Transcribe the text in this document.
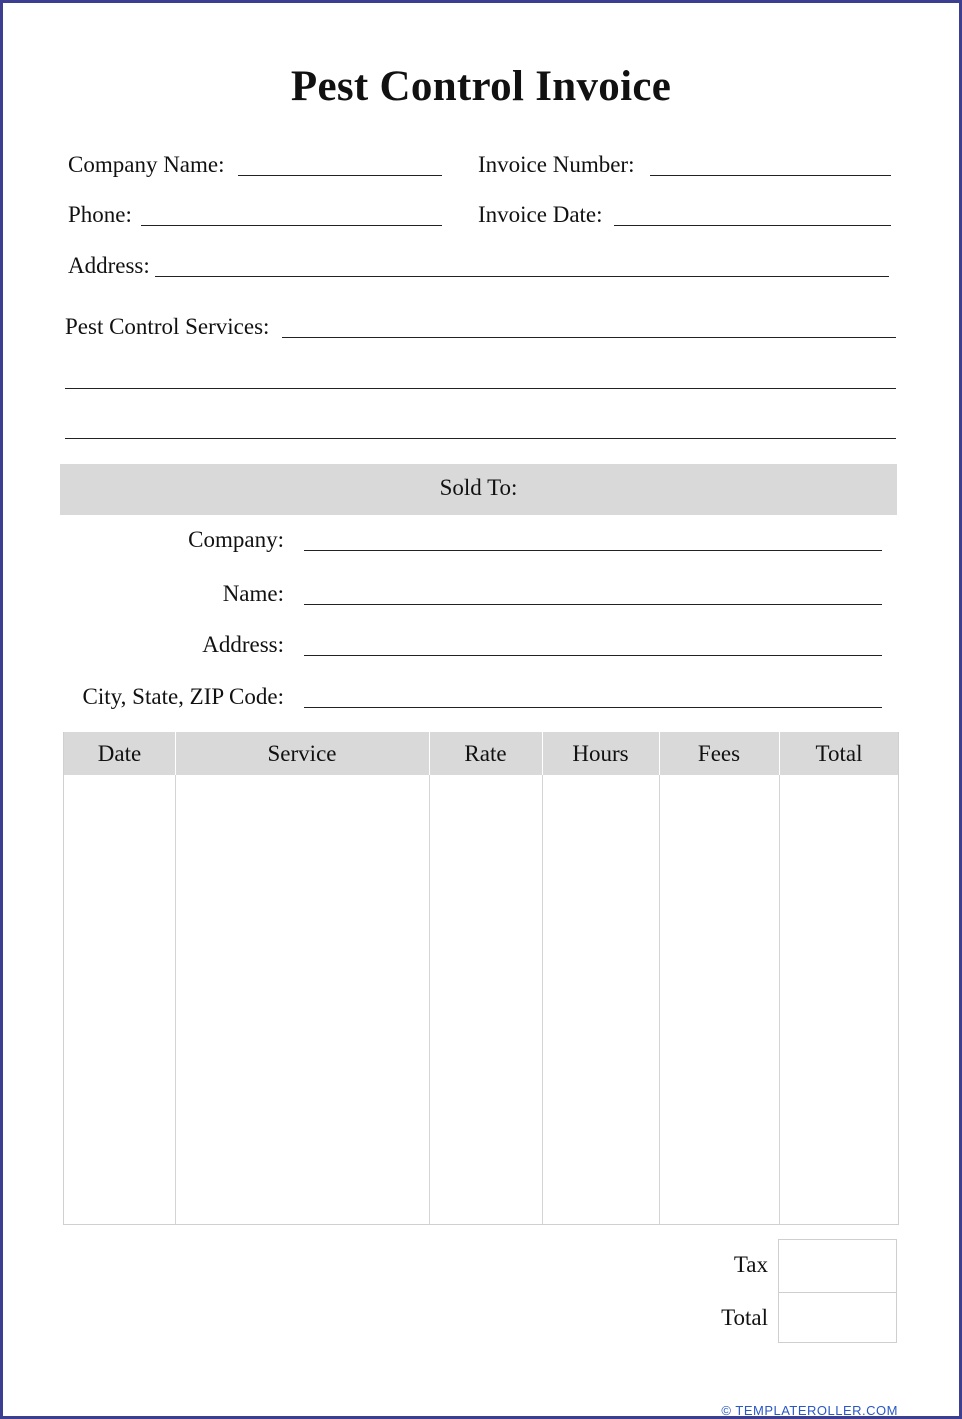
Pest Control Invoice
Company Name:	Invoice Number:
Phone:	Invoice Date:
Address:
Pest Control Services:
Sold To:
Company:
Name:
Address:
City, State, ZIP Code:
Date	Service	Rate	Hours	Fees	Total
Tax
Total
© TEMPLATEROLLER.COM
